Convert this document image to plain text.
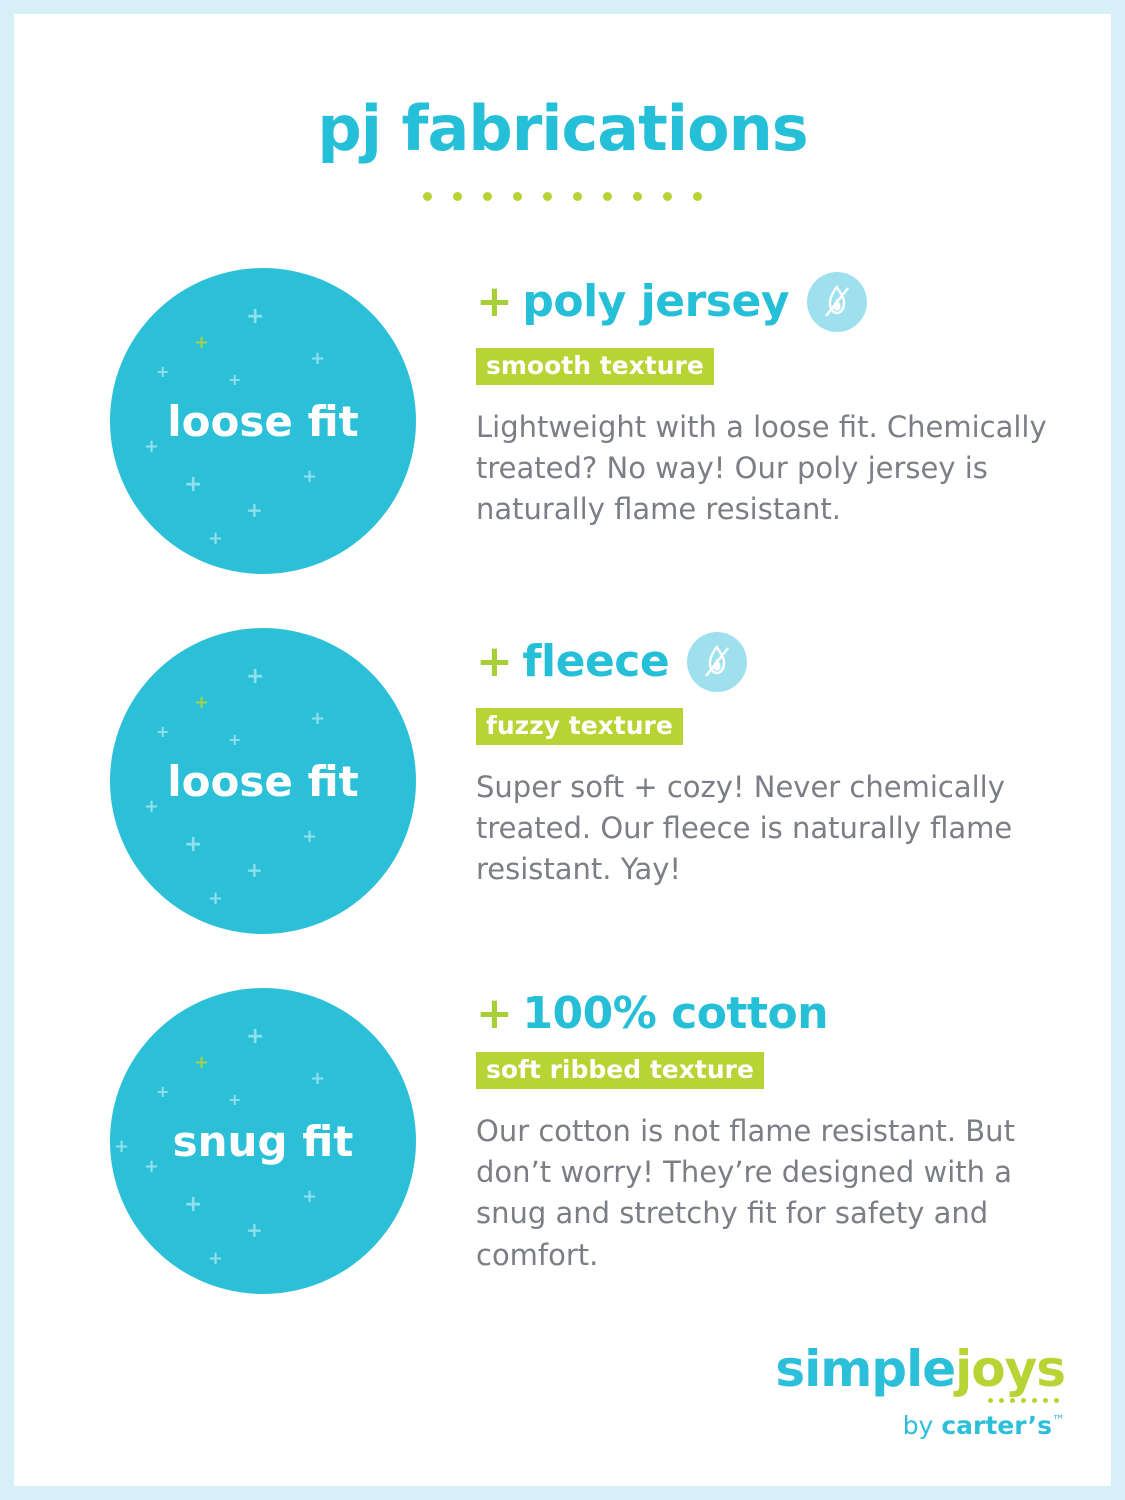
pj fabrications
+
+
+
+
+
+
+	+
+
+
loose fit
+ poly jersey
smooth texture
Lightweight with a loose fit. Chemically treated? No way! Our poly jersey is naturally flame resistant.
+
+
+
+
+
+
+	+
+
+
loose fit
+ fleece
fuzzy texture
Super soft + cozy! Never chemically treated. Our fleece is naturally flame resistant. Yay!
+
+
+
+
+
+
+
+	+
+
+
snug fit
+ 100% cotton
soft ribbed texture
Our cotton is not flame resistant. But don’t worry! They’re designed with a snug and stretchy fit for safety and comfort.
simplejoys
by carter’s™
